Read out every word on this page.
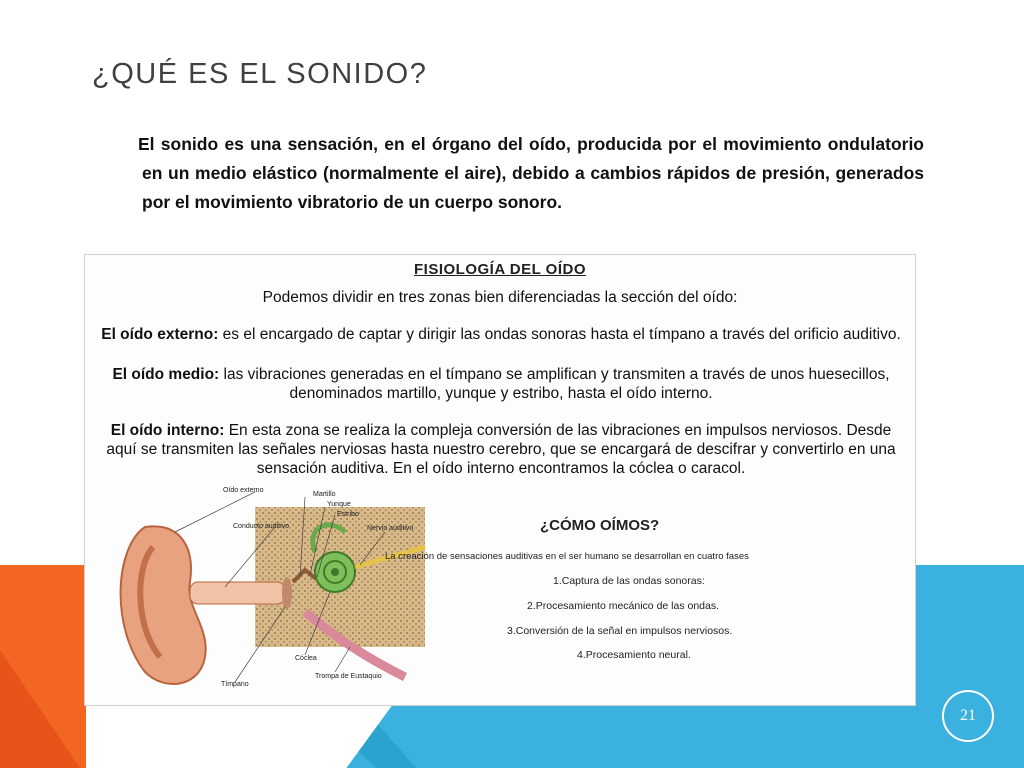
¿QUÉ ES EL SONIDO?
El sonido es una sensación, en el órgano del oído, producida por el movimiento ondulatorio en un medio elástico (normalmente el aire), debido a cambios rápidos de presión, generados por el movimiento vibratorio de un cuerpo sonoro.
FISIOLOGÍA DEL OÍDO
Podemos dividir en tres zonas bien diferenciadas la sección del oído:
El oído externo: es el encargado de captar y dirigir las ondas sonoras hasta el tímpano a través del orificio auditivo.
El oído medio: las vibraciones generadas en el tímpano se amplifican y transmiten a través de unos huesecillos, denominados martillo, yunque y estribo, hasta el oído interno.
El oído interno: En esta zona se realiza la compleja conversión de las vibraciones en impulsos nerviosos. Desde aquí se transmiten las señales nerviosas hasta nuestro cerebro, que se encargará de descifrar y convertirlo en una sensación auditiva. En el oído interno encontramos la cóclea o caracol.
Oído externo
Martillo
Yunque
Estribo
Conducto auditivo	Nervio auditivo
Cóclea
Tímpano
Trompa de Eustaquio
¿CÓMO OÍMOS?
La creación de sensaciones auditivas en el ser humano se desarrollan en cuatro fases
1.Captura de las ondas sonoras:
2.Procesamiento mecánico de las ondas.
3.Conversión de la señal en impulsos nerviosos.
4.Procesamiento neural.
21
